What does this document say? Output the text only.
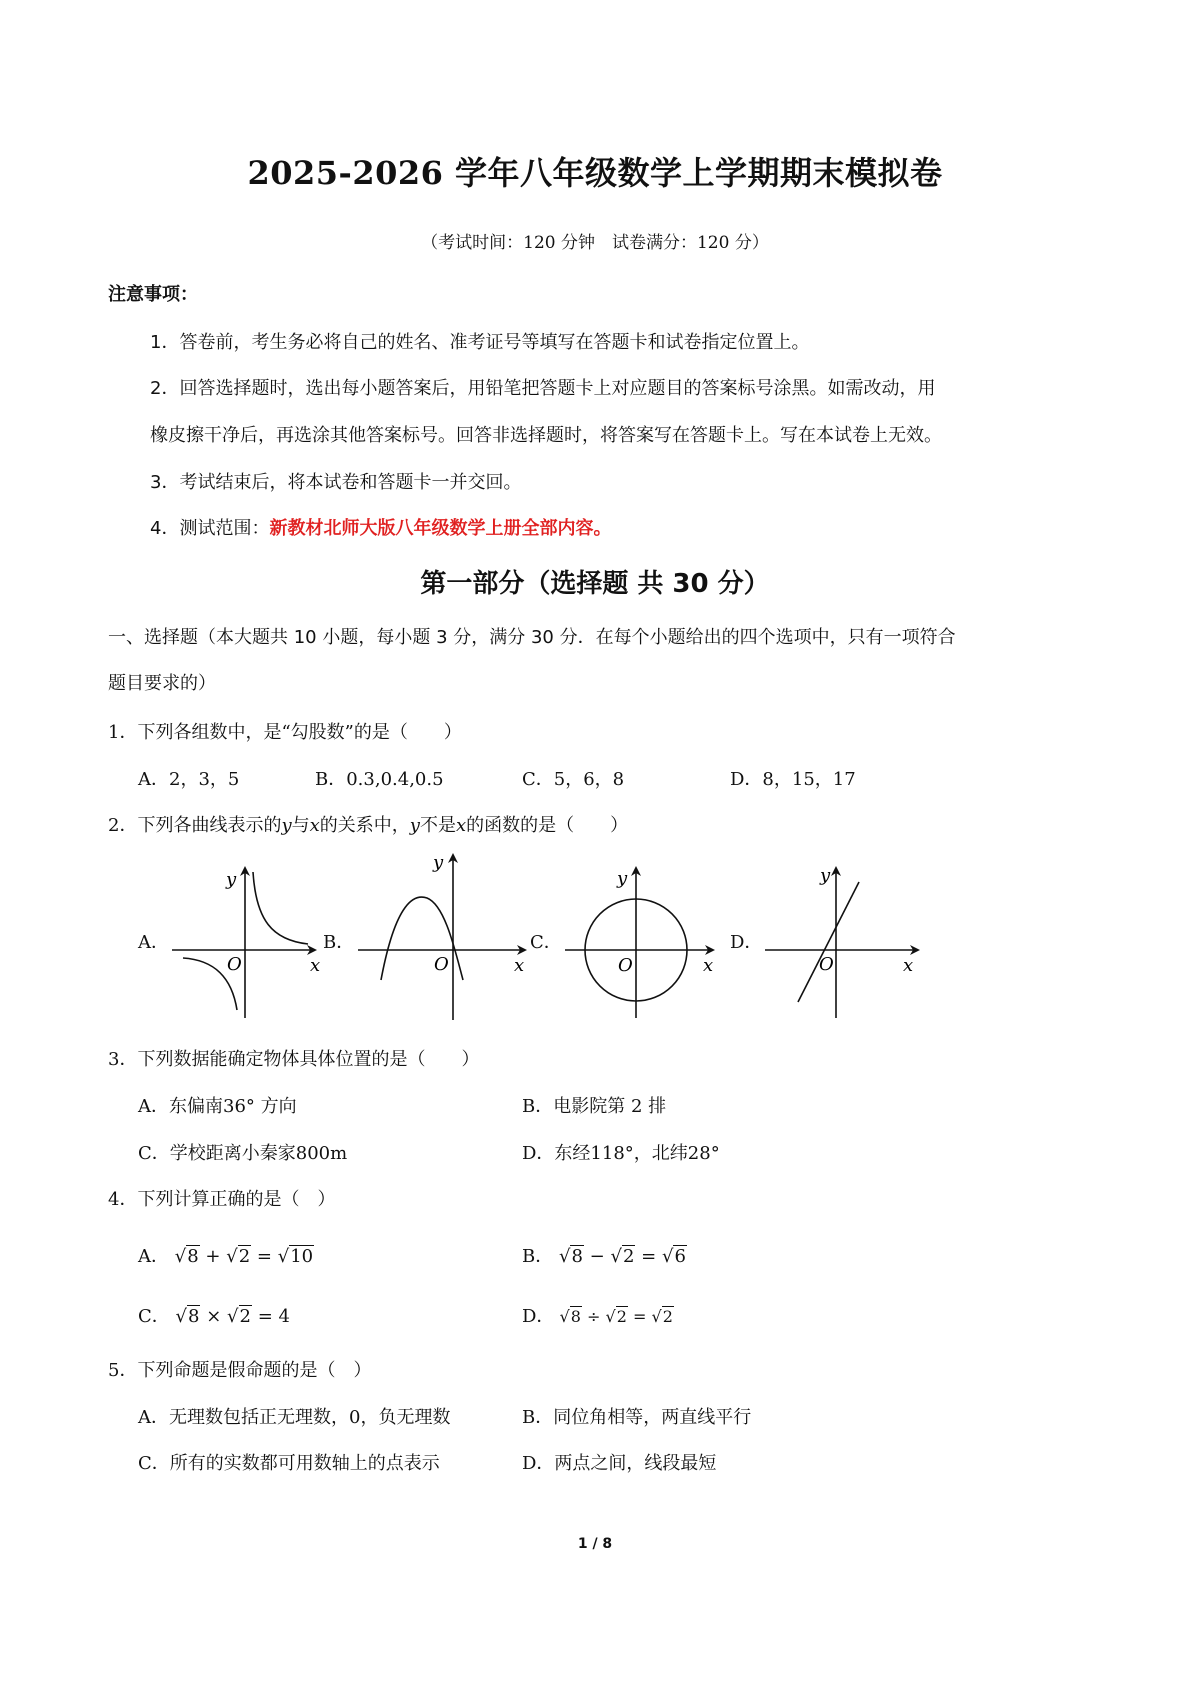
2025-2026 学年八年级数学上学期期末模拟卷
（考试时间：120 分钟　试卷满分：120 分）
注意事项：
1．答卷前，考生务必将自己的姓名、准考证号等填写在答题卡和试卷指定位置上。
2．回答选择题时，选出每小题答案后，用铅笔把答题卡上对应题目的答案标号涂黑。如需改动，用
橡皮擦干净后，再选涂其他答案标号。回答非选择题时，将答案写在答题卡上。写在本试卷上无效。
3．考试结束后，将本试卷和答题卡一并交回。
4．测试范围：新教材北师大版八年级数学上册全部内容。
第一部分（选择题 共 30 分）
一、选择题（本大题共 10 小题，每小题 3 分，满分 30 分．在每个小题给出的四个选项中，只有一项符合
题目要求的）
1．下列各组数中，是“勾股数”的是（　　）
A．2，3，5	B．0.3,0.4,0.5	C．5，6，8	D．8，15，17
2．下列各曲线表示的y与x的关系中，y不是x的函数的是（　　）
A．	B．	C．	D．
y
O	x
y
O	x
y
O	x
y
O	x
3．下列数据能确定物体具体位置的是（　　）
A．东偏南36° 方向	B．电影院第 2 排
C．学校距离小秦家800m	D．东经118°，北纬28°
4．下列计算正确的是（　）
A． √8 + √2 = √10	B． √8 − √2 = √6
C． √8 × √2 = 4	D． √8 ÷ √2 = √2
5．下列命题是假命题的是（　）
A．无理数包括正无理数，0，负无理数	B．同位角相等，两直线平行
C．所有的实数都可用数轴上的点表示	D．两点之间，线段最短
1 / 8
